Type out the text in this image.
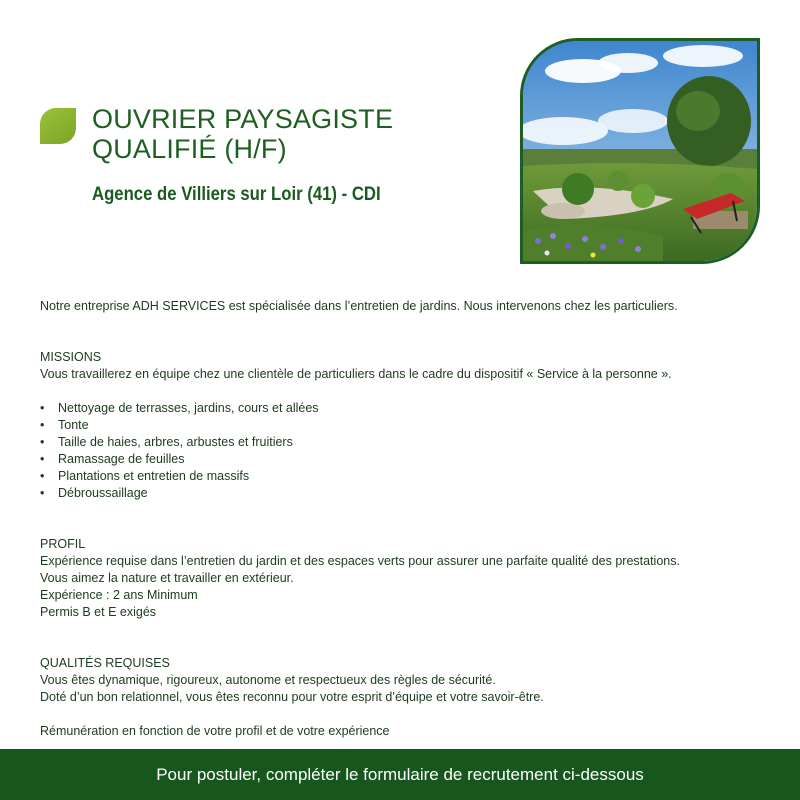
OUVRIER PAYSAGISTE
QUALIFIÉ (H/F)
Agence de Villiers sur Loir (41) - CDI

Notre entreprise ADH SERVICES est spécialisée dans l’entretien de jardins. Nous intervenons chez les particuliers.

MISSIONS

Vous travaillerez en équipe chez une clientèle de particuliers dans le cadre du dispositif « Service à la personne ».

• Nettoyage de terrasses, jardins, cours et allées
• Tonte
• Taille de haies, arbres, arbustes et fruitiers
• Ramassage de feuilles
• Plantations et entretien de massifs
• Débroussaillage

PROFIL

Expérience requise dans l’entretien du jardin et des espaces verts pour assurer une parfaite qualité des prestations.

Vous aimez la nature et travailler en extérieur.

Expérience : 2 ans Minimum

Permis B et E exigés

QUALITÉS REQUISES

Vous êtes dynamique, rigoureux, autonome et respectueux des règles de sécurité.

Doté d’un bon relationnel, vous êtes reconnu pour votre esprit d’équipe et votre savoir-être.

Rémunération en fonction de votre profil et de votre expérience

Pour postuler, compléter le formulaire de recrutement ci-dessous
